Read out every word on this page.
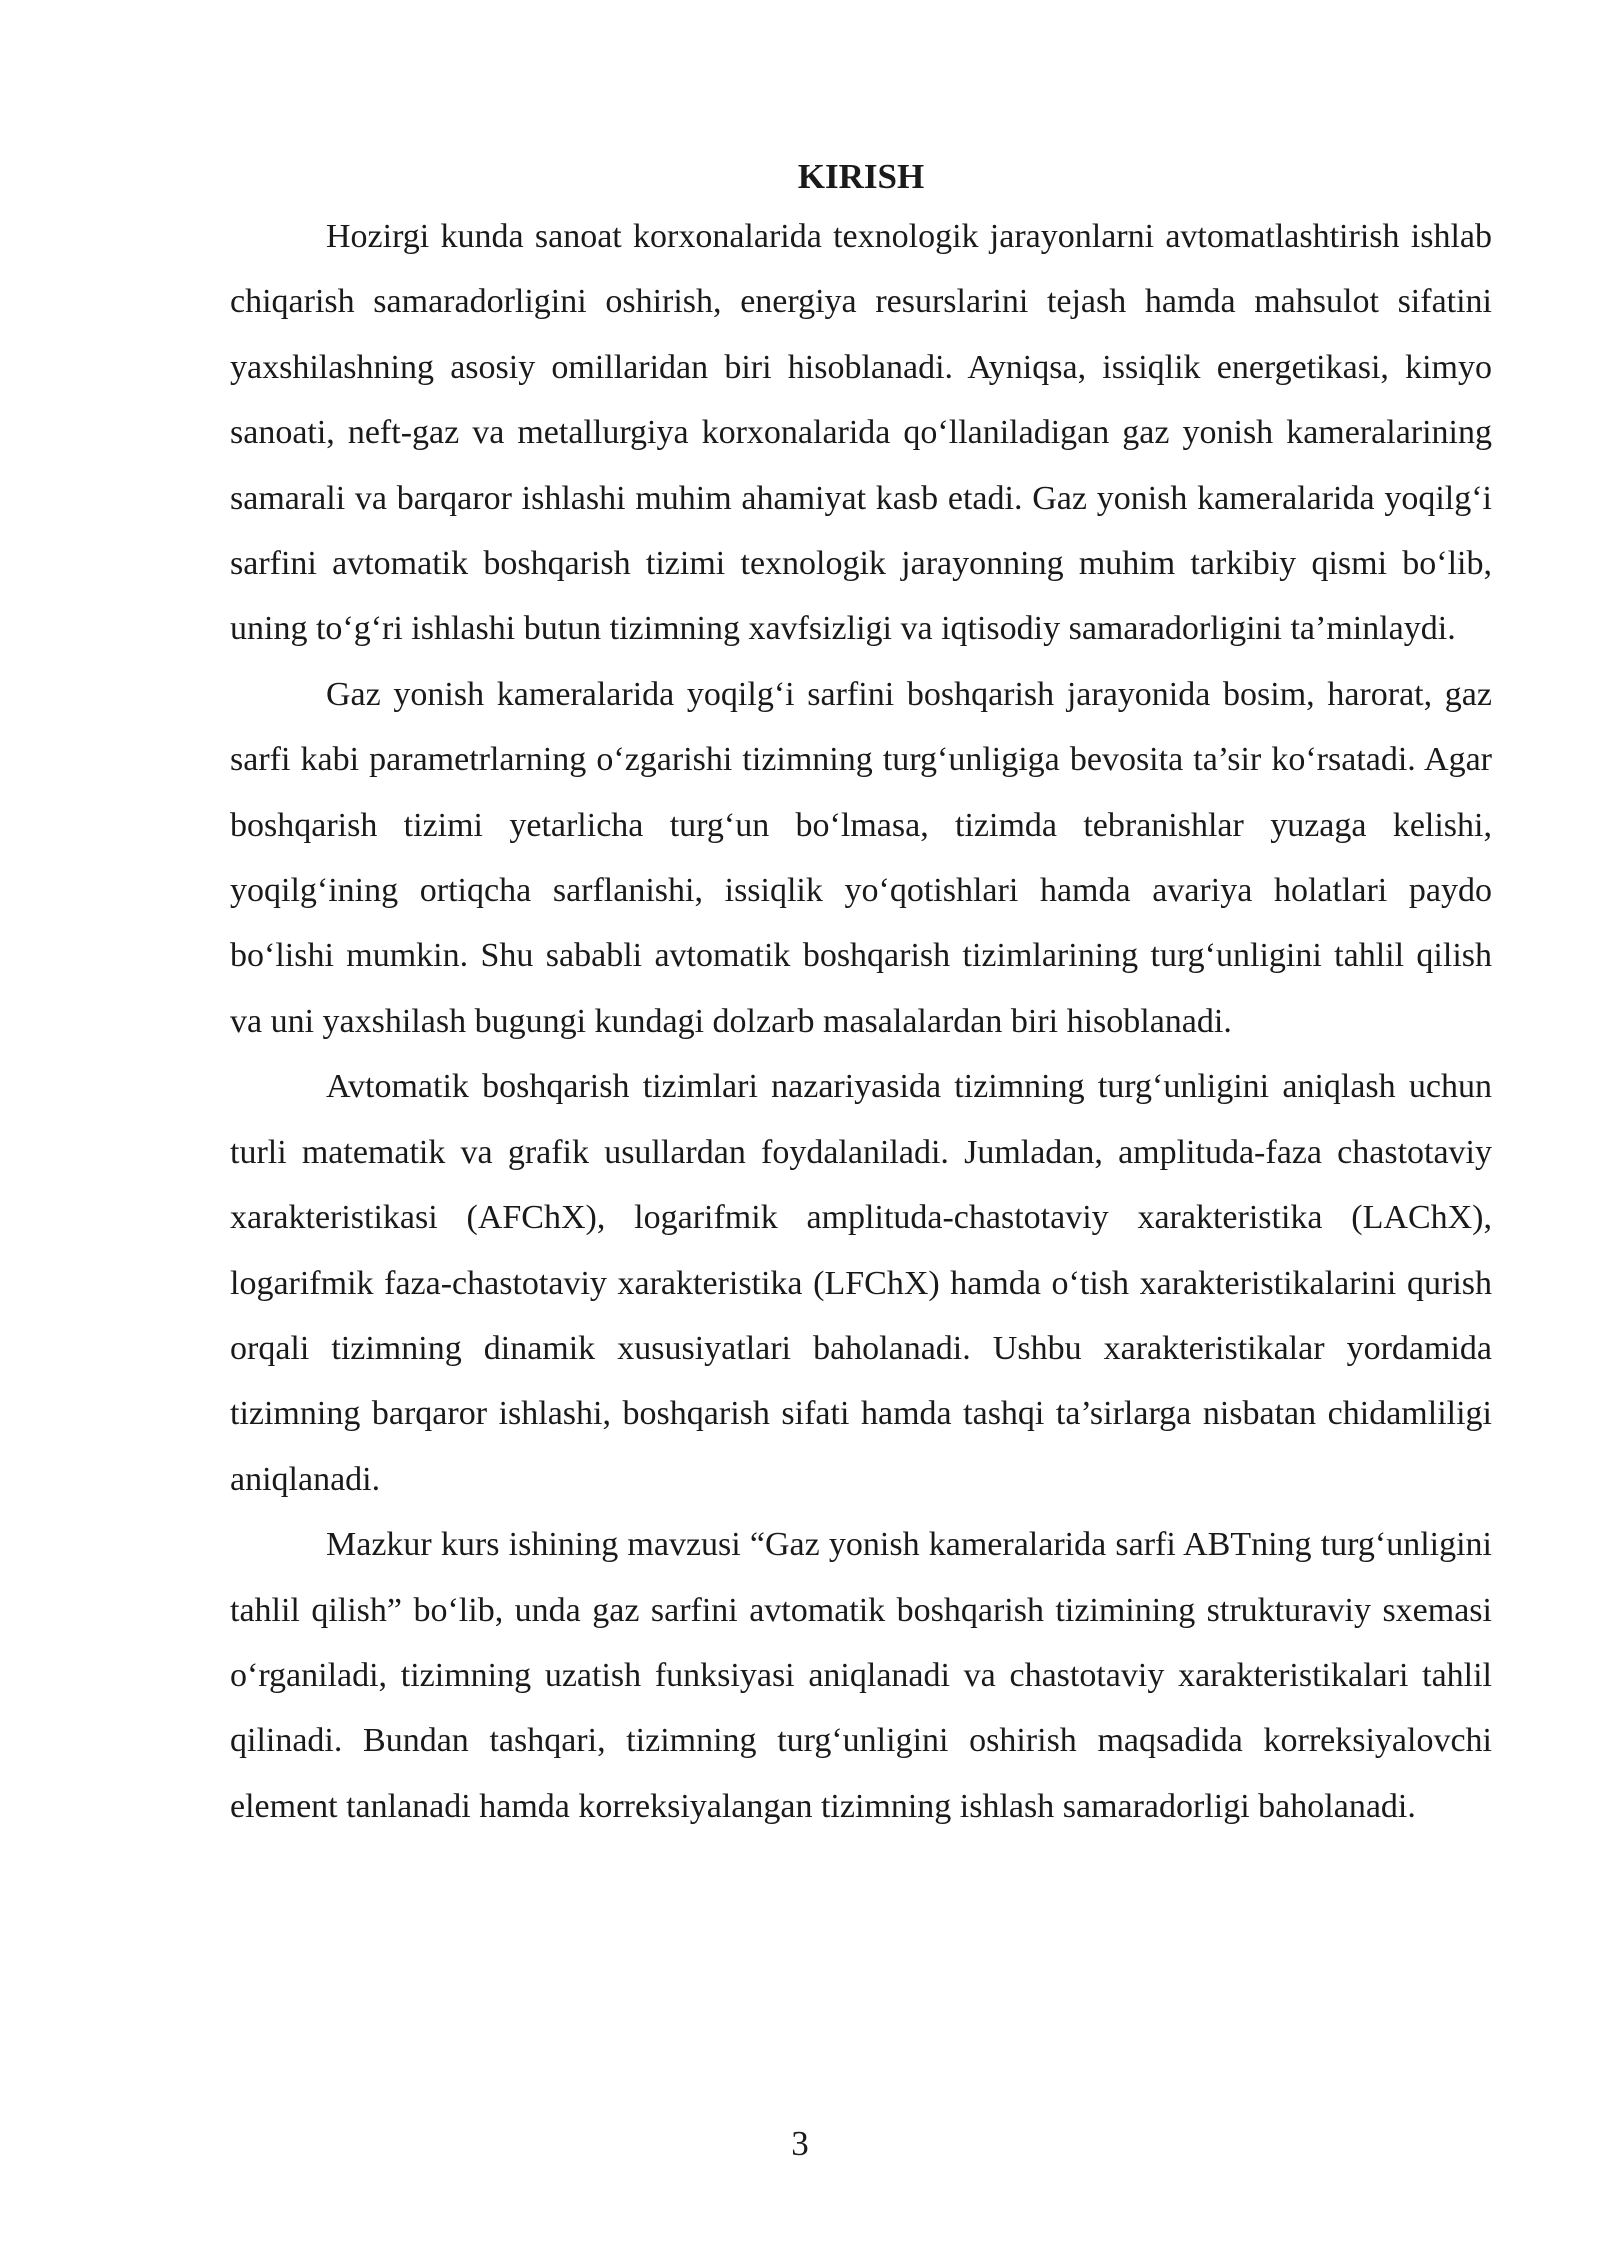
KIRISH

Hozirgi kunda sanoat korxonalarida texnologik jarayonlarni avtomatlashtirish ishlab chiqarish samaradorligini oshirish, energiya resurslarini tejash hamda mahsulot sifatini yaxshilashning asosiy omillaridan biri hisoblanadi. Ayniqsa, issiqlik energetikasi, kimyo sanoati, neft-gaz va metallurgiya korxonalarida qo‘llaniladigan gaz yonish kameralarining samarali va barqaror ishlashi muhim ahamiyat kasb etadi. Gaz yonish kameralarida yoqilg‘i sarfini avtomatik boshqarish tizimi texnologik jarayonning muhim tarkibiy qismi bo‘lib, uning to‘g‘ri ishlashi butun tizimning xavfsizligi va iqtisodiy samaradorligini ta’minlaydi.

Gaz yonish kameralarida yoqilg‘i sarfini boshqarish jarayonida bosim, harorat, gaz sarfi kabi parametrlarning o‘zgarishi tizimning turg‘unligiga bevosita ta’sir ko‘rsatadi. Agar boshqarish tizimi yetarlicha turg‘un bo‘lmasa, tizimda tebranishlar yuzaga kelishi, yoqilg‘ining ortiqcha sarflanishi, issiqlik yo‘qotishlari hamda avariya holatlari paydo bo‘lishi mumkin. Shu sababli avtomatik boshqarish tizimlarining turg‘unligini tahlil qilish va uni yaxshilash bugungi kundagi dolzarb masalalardan biri hisoblanadi.

Avtomatik boshqarish tizimlari nazariyasida tizimning turg‘unligini aniqlash uchun turli matematik va grafik usullardan foydalaniladi. Jumladan, amplituda-faza chastotaviy xarakteristikasi (AFChX), logarifmik amplituda-chastotaviy xarakteristika (LAChX), logarifmik faza-chastotaviy xarakteristika (LFChX) hamda o‘tish xarakteristikalarini qurish orqali tizimning dinamik xususiyatlari baholanadi. Ushbu xarakteristikalar yordamida tizimning barqaror ishlashi, boshqarish sifati hamda tashqi ta’sirlarga nisbatan chidamliligi aniqlanadi.

Mazkur kurs ishining mavzusi “Gaz yonish kameralarida sarfi ABTning turg‘unligini tahlil qilish” bo‘lib, unda gaz sarfini avtomatik boshqarish tizimining strukturaviy sxemasi o‘rganiladi, tizimning uzatish funksiyasi aniqlanadi va chastotaviy xarakteristikalari tahlil qilinadi. Bundan tashqari, tizimning turg‘unligini oshirish maqsadida korreksiyalovchi element tanlanadi hamda korreksiyalangan tizimning ishlash samaradorligi baholanadi.

3
